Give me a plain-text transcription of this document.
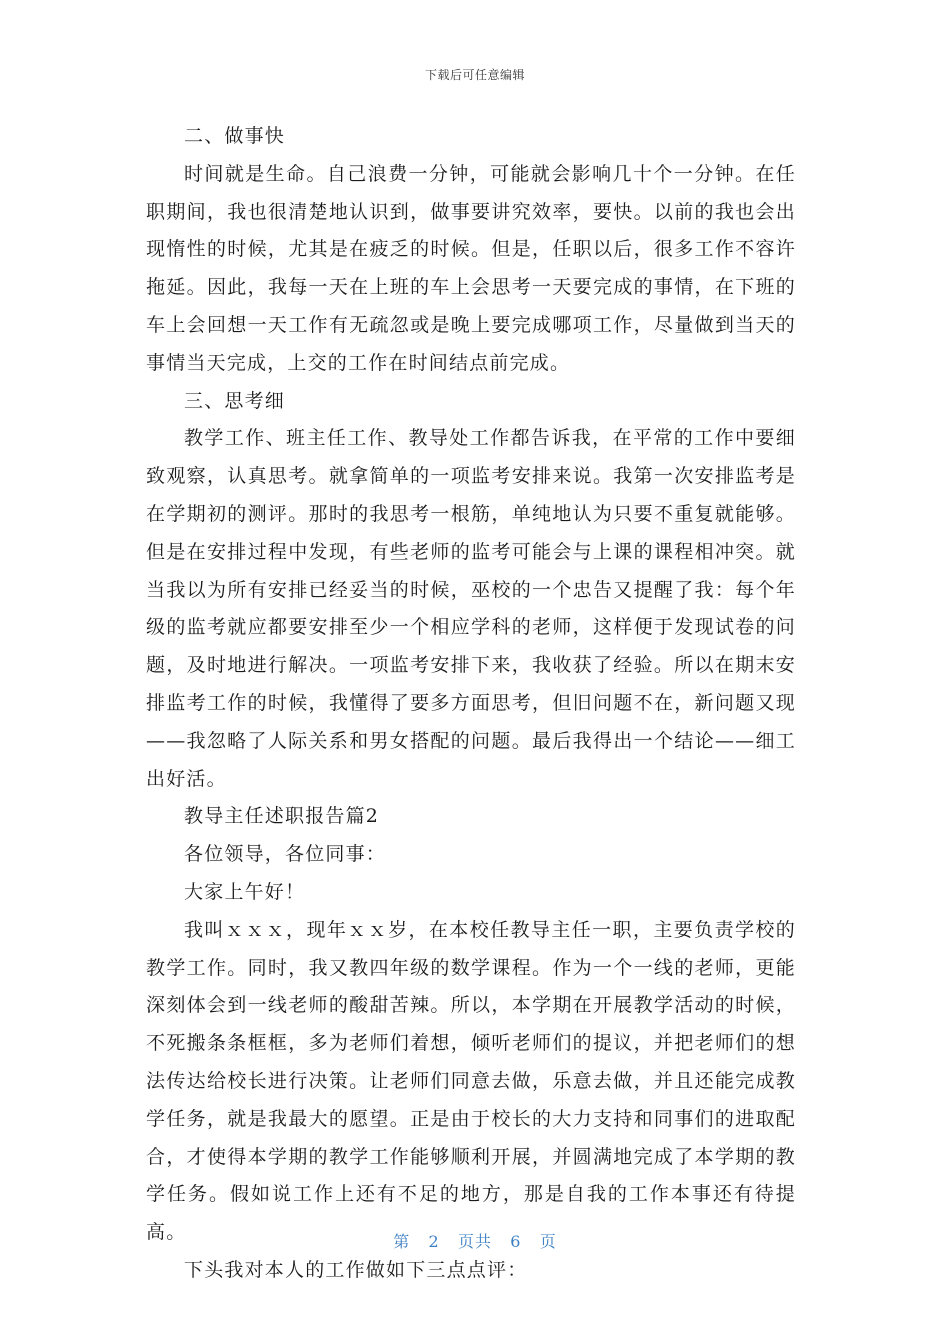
下载后可任意编辑

二、做事快

时间就是生命。自己浪费一分钟，可能就会影响几十个一分钟。在任职期间，我也很清楚地认识到，做事要讲究效率，要快。以前的我也会出现惰性的时候，尤其是在疲乏的时候。但是，任职以后，很多工作不容许拖延。因此，我每一天在上班的车上会思考一天要完成的事情，在下班的车上会回想一天工作有无疏忽或是晚上要完成哪项工作，尽量做到当天的事情当天完成，上交的工作在时间结点前完成。

三、思考细

教学工作、班主任工作、教导处工作都告诉我，在平常的工作中要细致观察，认真思考。就拿简单的一项监考安排来说。我第一次安排监考是在学期初的测评。那时的我思考一根筋，单纯地认为只要不重复就能够。但是在安排过程中发现，有些老师的监考可能会与上课的课程相冲突。就当我以为所有安排已经妥当的时候，巫校的一个忠告又提醒了我：每个年级的监考就应都要安排至少一个相应学科的老师，这样便于发现试卷的问题，及时地进行解决。一项监考安排下来，我收获了经验。所以在期末安排监考工作的时候，我懂得了要多方面思考，但旧问题不在，新问题又现——我忽略了人际关系和男女搭配的问题。最后我得出一个结论——细工出好活。

教导主任述职报告篇2

各位领导，各位同事：

大家上午好！

我叫ｘｘｘ，现年ｘｘ岁，在本校任教导主任一职，主要负责学校的教学工作。同时，我又教四年级的数学课程。作为一个一线的老师，更能深刻体会到一线老师的酸甜苦辣。所以，本学期在开展教学活动的时候，不死搬条条框框，多为老师们着想，倾听老师们的提议，并把老师们的想法传达给校长进行决策。让老师们同意去做，乐意去做，并且还能完成教学任务，就是我最大的愿望。正是由于校长的大力支持和同事们的进取配合，才使得本学期的教学工作能够顺利开展，并圆满地完成了本学期的教学任务。假如说工作上还有不足的地方，那是自我的工作本事还有待提高。

下头我对本人的工作做如下三点点评：

第 2 页共 6 页
